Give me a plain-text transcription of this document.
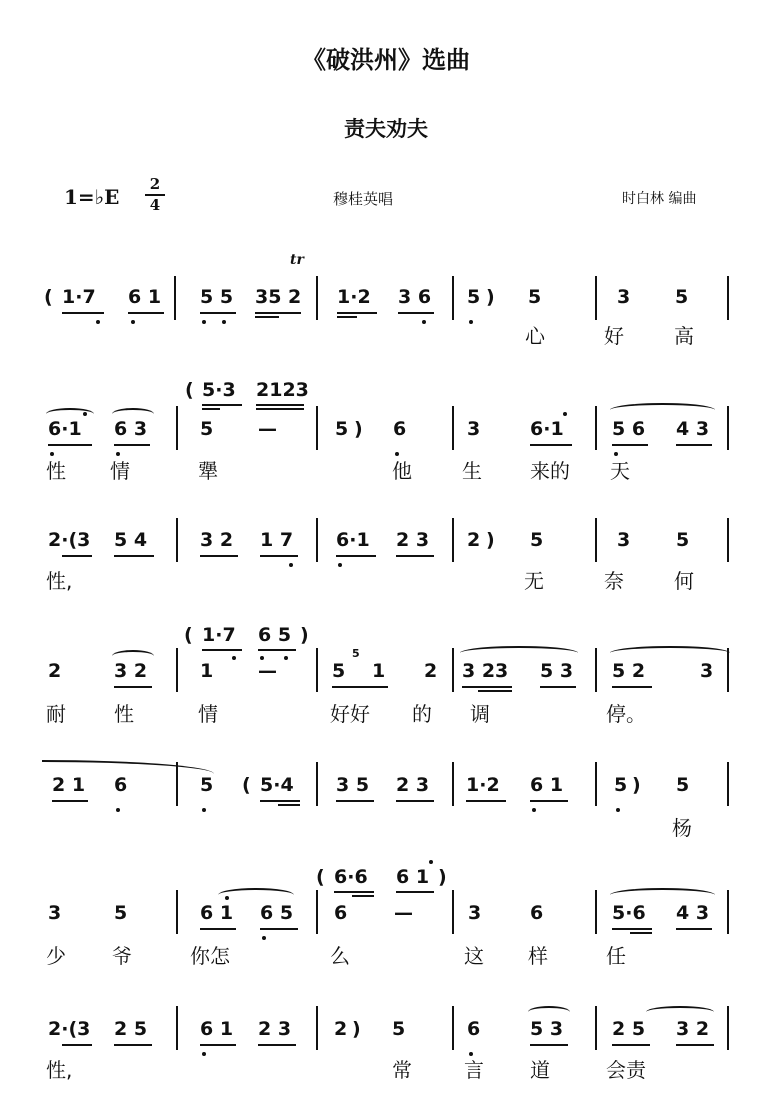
《破洪州》选曲
责夫劝夫
1=♭E
2
4	穆桂英唱	时白林 编曲
( 1·7 6 1 5 5 35 2 1·2 3 6 5 ) 5	3 5
tr
心	好	高
( 5·3 2123
6·1 6 3	5 —	5 ) 6	3	6·1	5 6 4 3
性 情	犟	他	生 来的 天
2·(3 5 4	3 2 1 7 6·1 2 3 2 ) 5	3 5
性,	无	奈	何
( 1·7 6 5 )
2	3 2	1 —	5
5
1 2 3 23 5 3 5 2	3
耐 性	情	好好 的 调	停。
2 1 6	5 ( 5·4 3 5 2 3 1·2 6 1	5 ) 5
杨
( 6·6 6 1 )
3	5	6 1 6 5 6 —	3	6	5·6 4 3
少 爷	你怎	么	这 样	任
2·(3 2 5	6 1 2 3 2 ) 5	6	5 3	2 5 3 2
性,	常	言 道	会责
